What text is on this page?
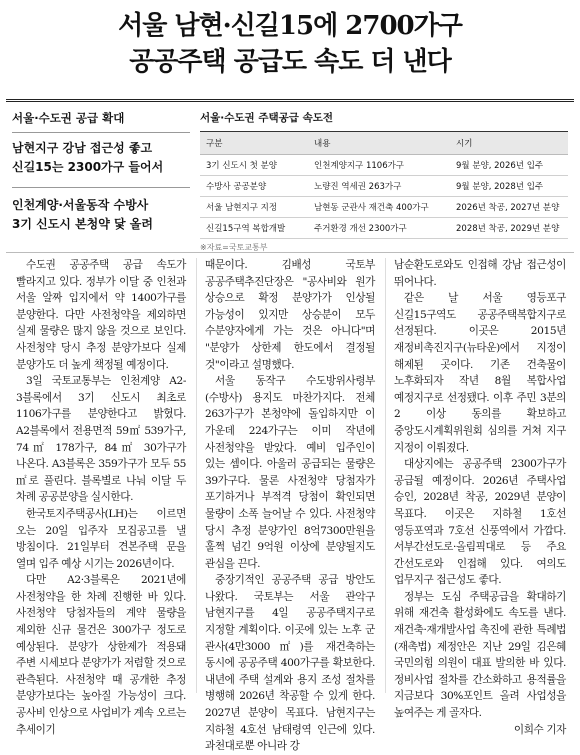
서울 남현·신길15에 2700가구
공공주택 공급도 속도 더 낸다
서울·수도권 공급 확대
남현지구 강남 접근성 좋고
신길15는 2300가구 들어서
인천계양·서울동작 수방사
3기 신도시 본청약 닻 올려
서울·수도권 주택공급 속도전
구분	내용	시기
3기 신도시 첫 분양	인천계양지구 1106가구	9월 분양, 2026년 입주
수방사 공공분양	노량진 역세권 263가구	9월 분양, 2028년 입주
서울 남현지구 지정	남현동 군관사 재건축 400가구	2026년 착공, 2027년 분양
신길15구역 복합개발	주거환경 개선 2300가구	2028년 착공, 2029년 분양
※자료=국토교통부

수도권 공공주택 공급 속도가 빨라지고 있다. 정부가 이달 중 인천과 서울 알짜 입지에서 약 1400가구를 분양한다. 다만 사전청약을 제외하면 실제 물량은 많지 않을 것으로 보인다. 사전청약 당시 추정 분양가보다 실제 분양가도 더 높게 책정될 예정이다.

3일 국토교통부는 인천계양 A2-3블록에서 3기 신도시 최초로 1106가구를 분양한다고 밝혔다. A2블록에서 전용면적 59㎡ 539가구, 74㎡ 178가구, 84㎡ 30가구가 나온다. A3블록은 359가구가 모두 55㎡로 풀린다. 블록별로 나눠 이달 두 차례 공공분양을 실시한다.

한국토지주택공사(LH)는 이르면 오는 20일 입주자 모집공고를 낼 방침이다. 21일부터 견본주택 문을 열며 입주 예상 시기는 2026년이다.

다만 A2·3블록은 2021년에 사전청약을 한 차례 진행한 바 있다. 사전청약 당첨자들의 계약 물량을 제외한 신규 물건은 300가구 정도로 예상된다. 분양가 상한제가 적용돼 주변 시세보다 분양가가 저렴할 것으로 관측된다. 사전청약 때 공개한 추정 분양가보다는 높아질 가능성이 크다. 공사비 인상으로 사업비가 계속 오르는 추세이기

때문이다. 김배성 국토부 공공주택추진단장은 "공사비와 원가 상승으로 확정 분양가가 인상될 가능성이 있지만 상승분이 모두 수분양자에게 가는 것은 아니다"며 "분양가 상한제 한도에서 결정될 것"이라고 설명했다.

서울 동작구 수도방위사령부(수방사) 용지도 마찬가지다. 전체 263가구가 본청약에 돌입하지만 이 가운데 224가구는 이미 작년에 사전청약을 받았다. 예비 입주인이 있는 셈이다. 아울러 공급되는 물량은 39가구다. 물론 사전청약 당첨자가 포기하거나 부적격 당첨이 확인되면 물량이 소폭 늘어날 수 있다. 사전청약 당시 추정 분양가인 8억7300만원을 훌쩍 넘긴 9억원 이상에 분양될지도 관심을 끈다.

중장기적인 공공주택 공급 방안도 나왔다. 국토부는 서울 관악구 남현지구를 4일 공공주택지구로 지정할 계획이다. 이곳에 있는 노후 군 관사(4만3000㎡)를 재건축하는 동시에 공공주택 400가구를 확보한다. 내년에 주택 설계와 용지 조성 절차를 병행해 2026년 착공할 수 있게 한다. 2027년 분양이 목표다. 남현지구는 지하철 4호선 남태령역 인근에 있다. 과천대로뿐 아니라 강

남순환도로와도 인접해 강남 접근성이 뛰어나다.

같은 날 서울 영등포구 신길15구역도 공공주택복합지구로 선정된다. 이곳은 2015년 재정비촉진지구(뉴타운)에서 지정이 해제된 곳이다. 기존 건축물이 노후화되자 작년 8월 복합사업 예정지구로 선정됐다. 이후 주민 3분의 2 이상 동의를 확보하고 중앙도시계획위원회 심의를 거쳐 지구 지정이 이뤄졌다.

대상지에는 공공주택 2300가구가 공급될 예정이다. 2026년 주택사업 승인, 2028년 착공, 2029년 분양이 목표다. 이곳은 지하철 1호선 영등포역과 7호선 신풍역에서 가깝다. 서부간선도로·올림픽대로 등 주요 간선도로와 인접해 있다. 여의도 업무지구 접근성도 좋다.

정부는 도심 주택공급을 확대하기 위해 재건축 활성화에도 속도를 낸다. 재건축·재개발사업 촉진에 관한 특례법(재촉법) 제정안은 지난 29일 김은혜 국민의힘 의원이 대표 발의한 바 있다. 정비사업 절차를 간소화하고 용적률을 지금보다 30%포인트 올려 사업성을 높여주는 게 골자다.

이희수 기자
